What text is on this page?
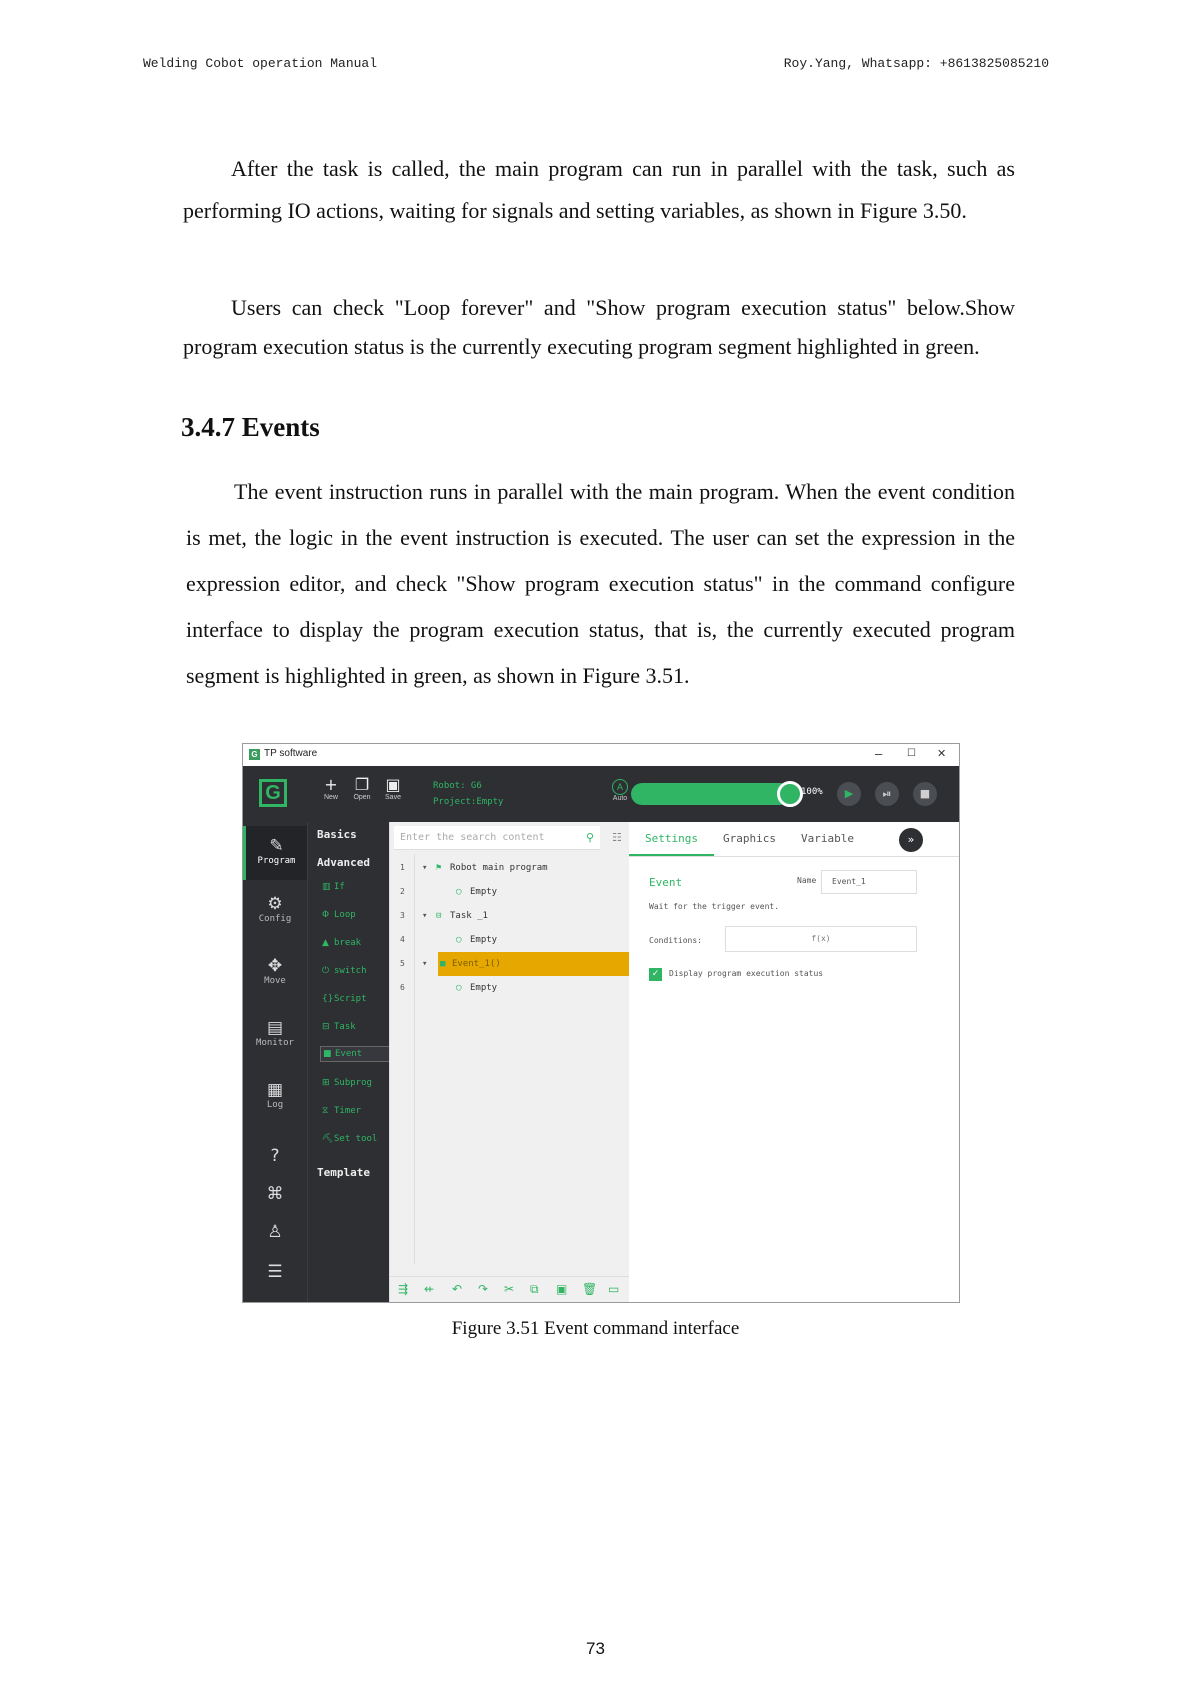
Welding Cobot operation Manual	Roy.Yang, Whatsapp: +8613825085210

After the task is called, the main program can run in parallel with the task, such as performing IO actions, waiting for signals and setting variables, as shown in Figure 3.50.

Users can check "Loop forever" and "Show program execution status" below.Show program execution status is the currently executing program segment highlighted in green.

3.4.7 Events

The event instruction runs in parallel with the main program. When the event condition is met, the logic in the event instruction is executed. The user can set the expression in the expression editor, and check "Show program execution status" in the command configure interface to display the program execution status, that is, the currently executed program segment is highlighted in green, as shown in Figure 3.51.

G TP software	– ☐ ✕
G	+
New
❐
Open
▣
Save
Robot: G6
Project:Empty
A
Auto
100%	▶	⏯	■
✎
Program
⚙
Config
✥
Move
▤
Monitor
▦
Log
?
⌘
♙
☰
Basics
Advanced
▥ If
Φ Loop
▲ break
⏻ switch
{}Script
⊟ Task
■ Event
⊞ Subprog
⧖ Timer
⛏Set tool
Template
Enter the search content	⚲ ☷
1 ▾ ⚑ Robot main program
2	◯ Empty
3 ▾ ⊟ Task _1
4	◯ Empty
5 ▾ ■ Event_1()
6	◯ Empty
⇶ ⇷ ↶ ↷ ✂ ⧉ ▣ 🗑 ▭
Settings Graphics Variable	»
Event	Name	Event_1
Wait for the trigger event.
Conditions:	f(x)
✓	Display program execution status
Figure 3.51 Event command interface
73
